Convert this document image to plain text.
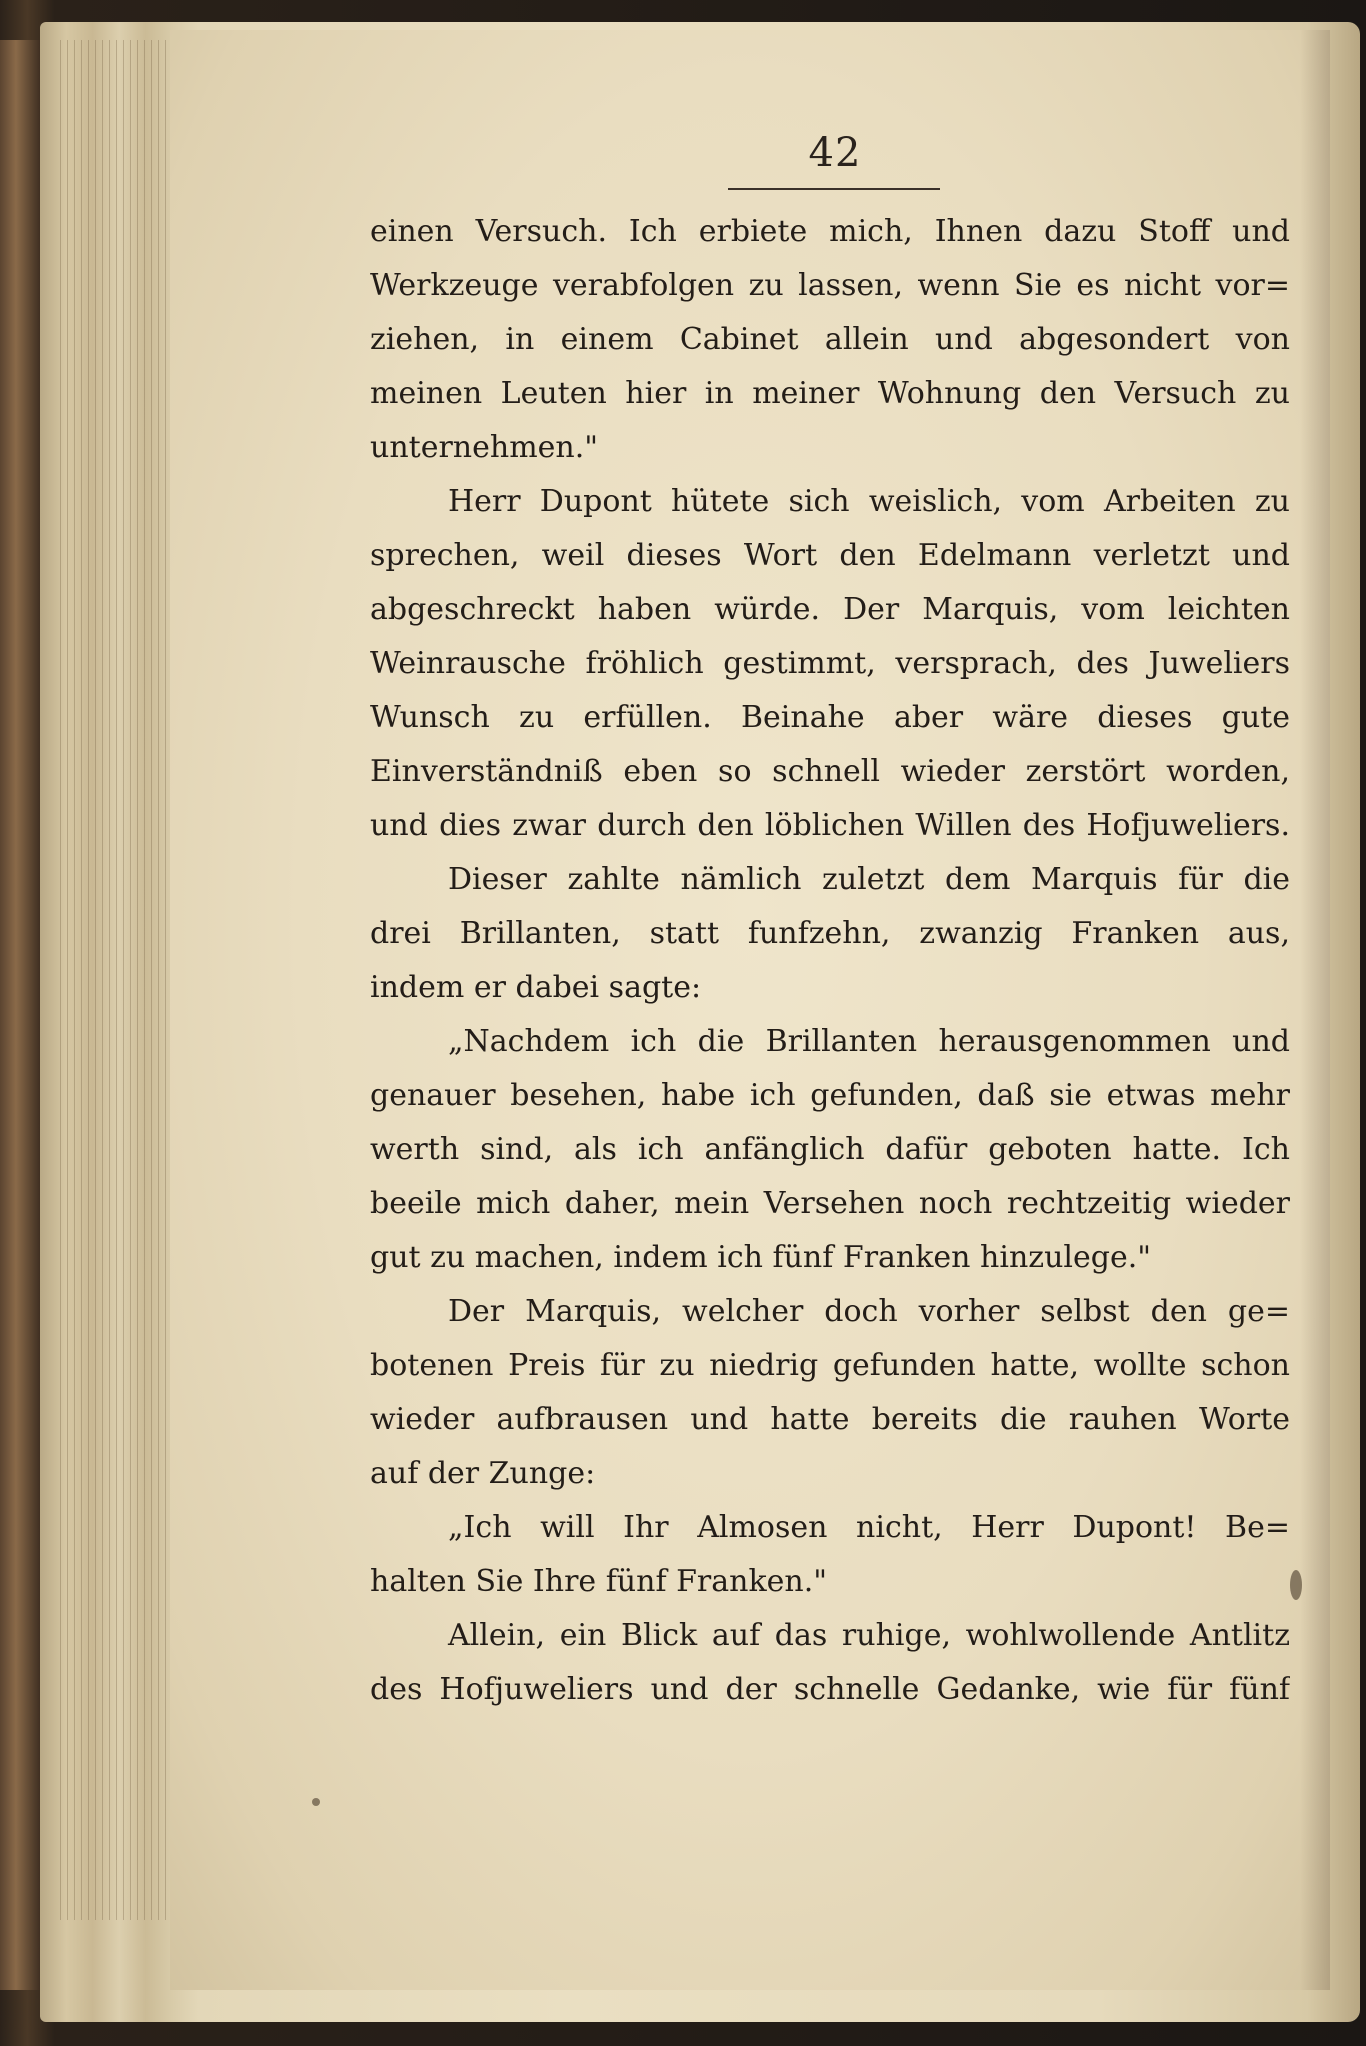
42
einen Versuch. Ich erbiete mich, Ihnen dazu Stoff und
Werkzeuge verabfolgen zu lassen, wenn Sie es nicht vor=
ziehen, in einem Cabinet allein und abgesondert von
meinen Leuten hier in meiner Wohnung den Versuch zu
unternehmen."
Herr Dupont hütete sich weislich, vom Arbeiten zu
sprechen, weil dieses Wort den Edelmann verletzt und
abgeschreckt haben würde. Der Marquis, vom leichten
Weinrausche fröhlich gestimmt, versprach, des Juweliers
Wunsch zu erfüllen. Beinahe aber wäre dieses gute
Einverständniß eben so schnell wieder zerstört worden,
und dies zwar durch den löblichen Willen des Hofjuweliers.
Dieser zahlte nämlich zuletzt dem Marquis für die
drei Brillanten, statt funfzehn, zwanzig Franken aus,
indem er dabei sagte:
„Nachdem ich die Brillanten herausgenommen und
genauer besehen, habe ich gefunden, daß sie etwas mehr
werth sind, als ich anfänglich dafür geboten hatte. Ich
beeile mich daher, mein Versehen noch rechtzeitig wieder
gut zu machen, indem ich fünf Franken hinzulege."
Der Marquis, welcher doch vorher selbst den ge=
botenen Preis für zu niedrig gefunden hatte, wollte schon
wieder aufbrausen und hatte bereits die rauhen Worte
auf der Zunge:
„Ich will Ihr Almosen nicht, Herr Dupont! Be=
halten Sie Ihre fünf Franken."
Allein, ein Blick auf das ruhige, wohlwollende Antlitz
des Hofjuweliers und der schnelle Gedanke, wie für fünf
